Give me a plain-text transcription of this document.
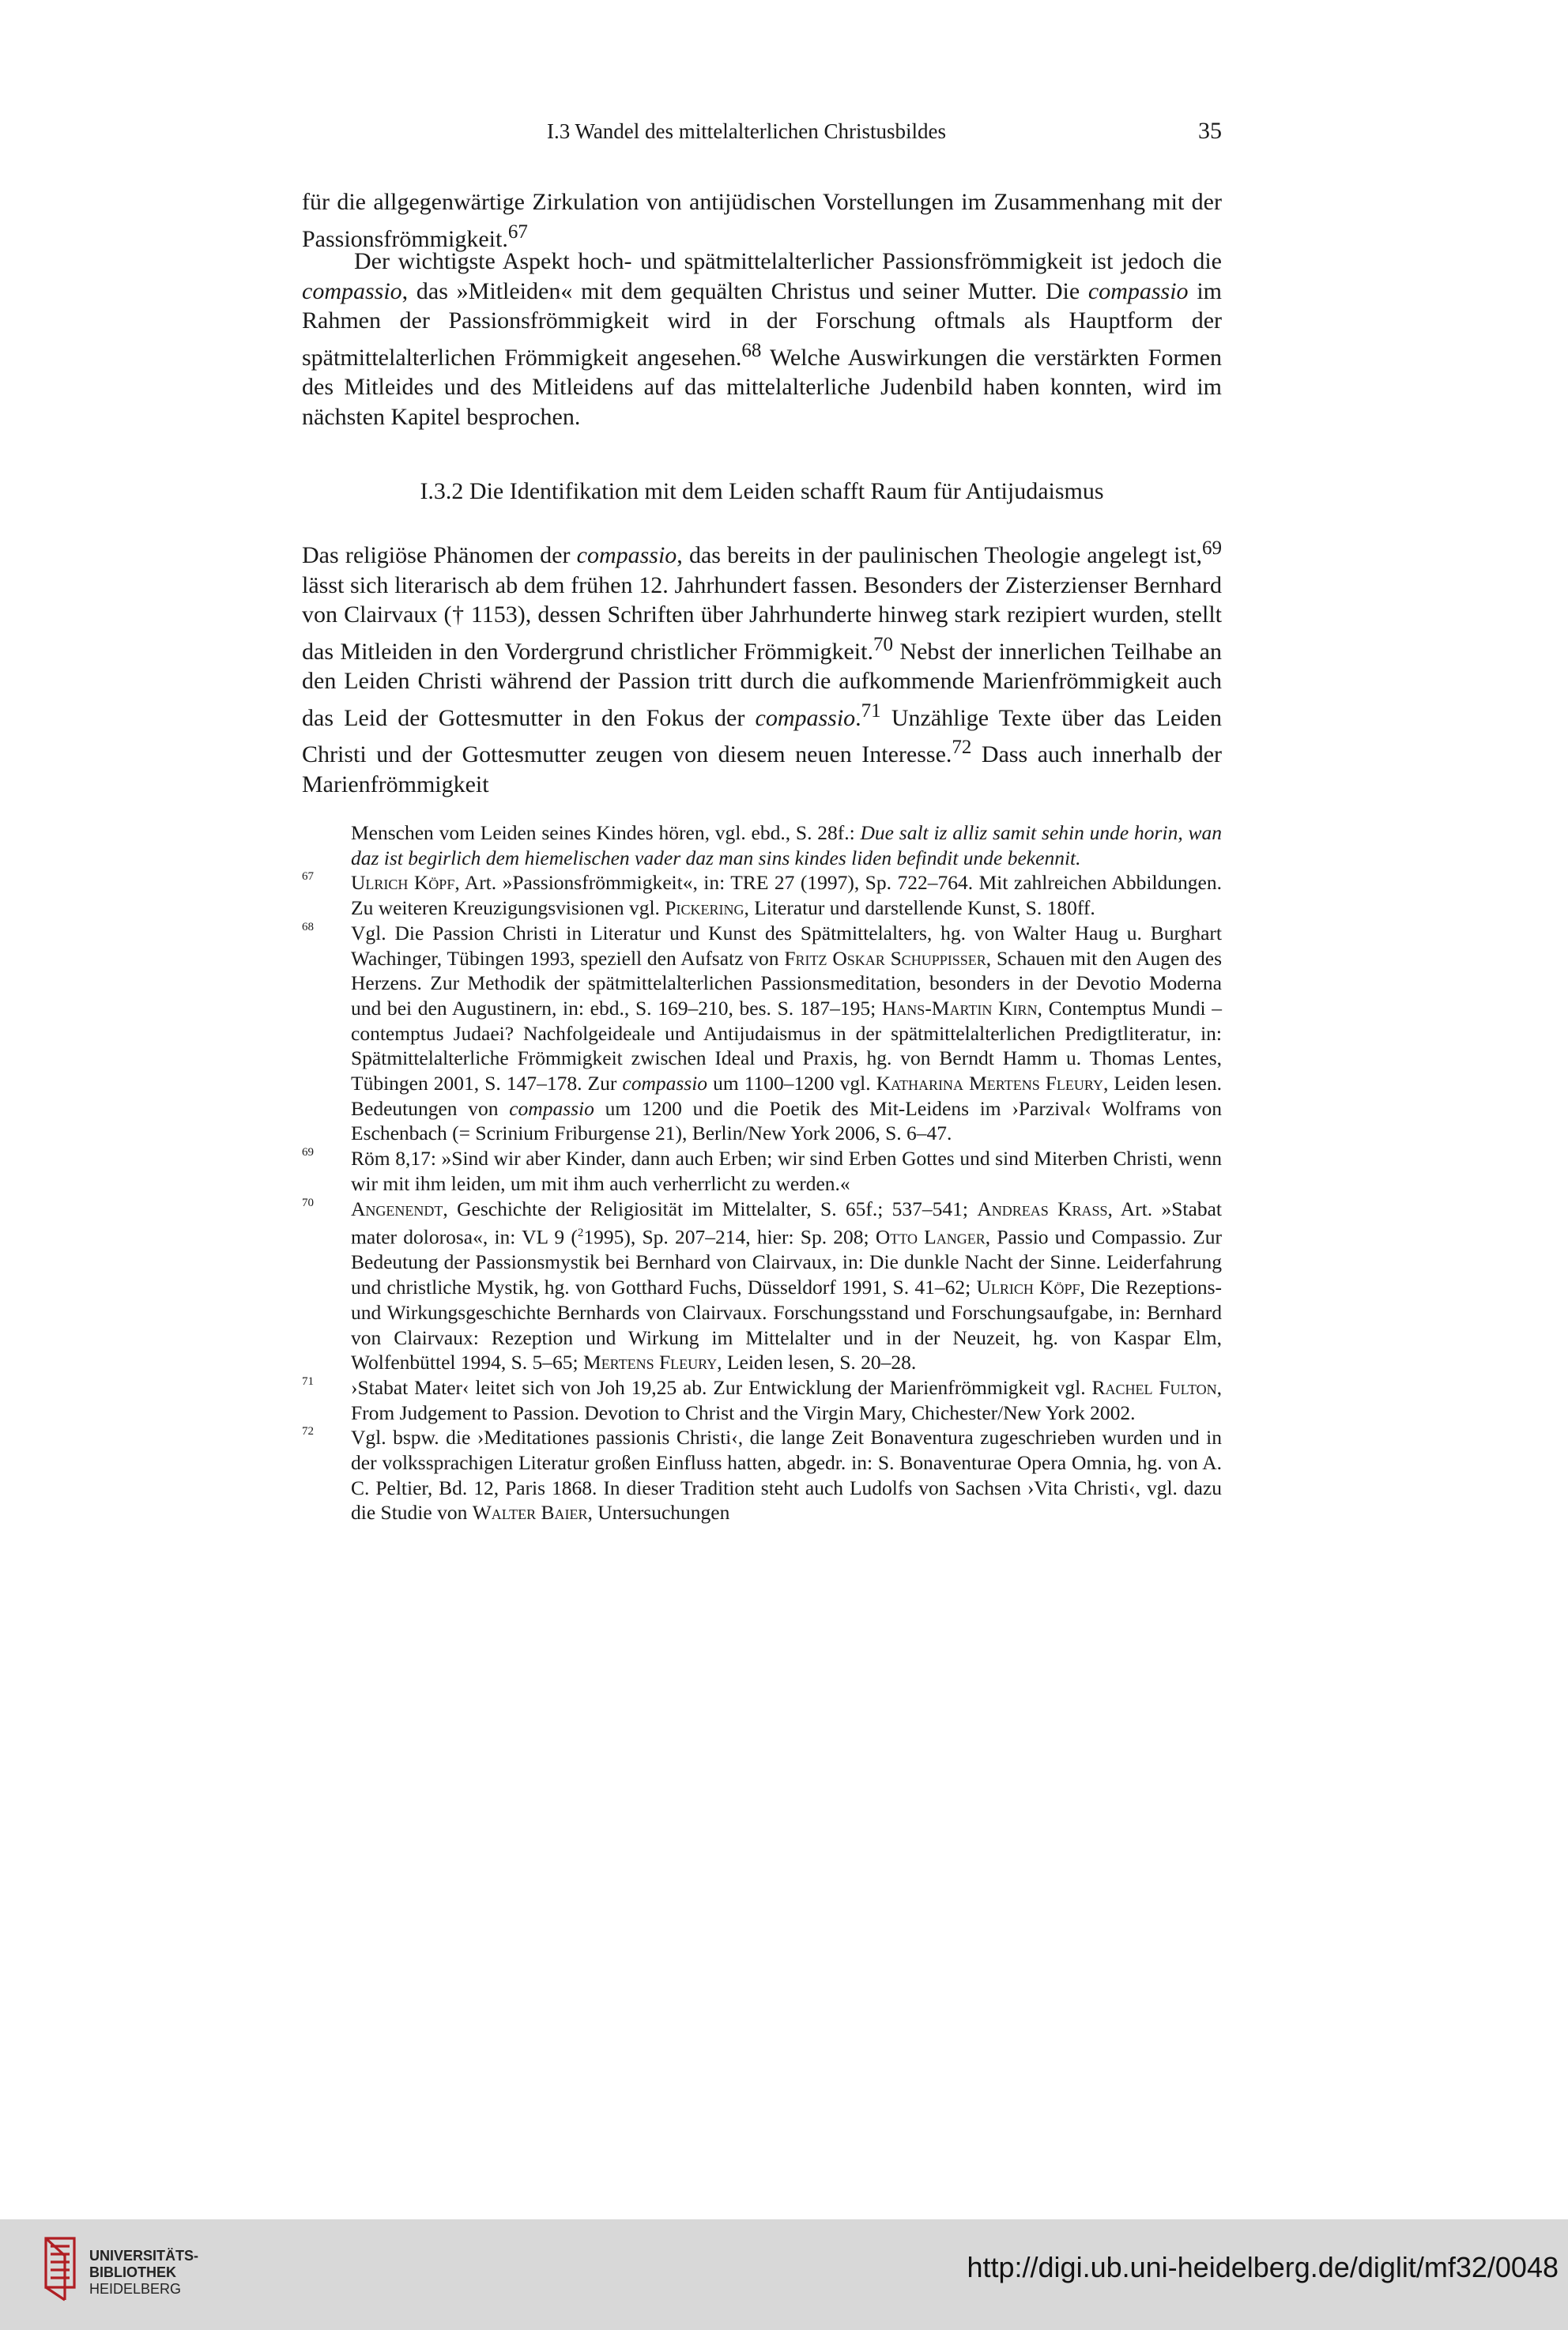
I.3 Wandel des mittelalterlichen Christusbildes	35

für die allgegenwärtige Zirkulation von antijüdischen Vorstellungen im Zusammenhang mit der Passionsfrömmigkeit.$^{67}$

Der wichtigste Aspekt hoch- und spätmittelalterlicher Passionsfrömmigkeit ist jedoch die compassio, das »Mitleiden« mit dem gequälten Christus und seiner Mutter. Die compassio im Rahmen der Passionsfrömmigkeit wird in der Forschung oftmals als Hauptform der spätmittelalterlichen Frömmigkeit angesehen.$^{68}$ Welche Auswirkungen die verstärkten Formen des Mitleides und des Mitleidens auf das mittelalterliche Judenbild haben konnten, wird im nächsten Kapitel besprochen.

I.3.2 Die Identifikation mit dem Leiden schafft Raum für Antijudaismus

Das religiöse Phänomen der compassio, das bereits in der paulinischen Theologie angelegt ist,$^{69}$ lässt sich literarisch ab dem frühen 12. Jahrhundert fassen. Besonders der Zisterzienser Bernhard von Clairvaux († 1153), dessen Schriften über Jahrhunderte hinweg stark rezipiert wurden, stellt das Mitleiden in den Vordergrund christlicher Frömmigkeit.$^{70}$ Nebst der innerlichen Teilhabe an den Leiden Christi während der Passion tritt durch die aufkommende Marienfrömmigkeit auch das Leid der Gottesmutter in den Fokus der compassio.$^{71}$ Unzählige Texte über das Leiden Christi und der Gottesmutter zeugen von diesem neuen Interesse.$^{72}$ Dass auch innerhalb der Marienfrömmigkeit

Menschen vom Leiden seines Kindes hören, vgl. ebd., S. 28f.: Due salt iz alliz samit sehin unde horin, wan daz ist begirlich dem hiemelischen vader daz man sins kindes liden befindit unde bekennit.
67 Ulrich Köpf, Art. »Passionsfrömmigkeit«, in: TRE 27 (1997), Sp. 722–764. Mit zahlreichen Abbildungen. Zu weiteren Kreuzigungsvisionen vgl. Pickering, Literatur und darstellende Kunst, S. 180ff.
68 Vgl. Die Passion Christi in Literatur und Kunst des Spätmittelalters, hg. von Walter Haug u. Burghart Wachinger, Tübingen 1993, speziell den Aufsatz von Fritz Oskar Schuppisser, Schauen mit den Augen des Herzens. Zur Methodik der spätmittelalterlichen Passionsmeditation, besonders in der Devotio Moderna und bei den Augustinern, in: ebd., S. 169–210, bes. S. 187–195; Hans-Martin Kirn, Contemptus Mundi – contemptus Judaei? Nachfolgeideale und Antijudaismus in der spätmittelalterlichen Predigtliteratur, in: Spätmittelalterliche Frömmigkeit zwischen Ideal und Praxis, hg. von Berndt Hamm u. Thomas Lentes, Tübingen 2001, S. 147–178. Zur compassio um 1100–1200 vgl. Katharina Mertens Fleury, Leiden lesen. Bedeutungen von compassio um 1200 und die Poetik des Mit-Leidens im ›Parzival‹ Wolframs von Eschenbach (= Scrinium Friburgense 21), Berlin/New York 2006, S. 6–47.
69 Röm 8,17: »Sind wir aber Kinder, dann auch Erben; wir sind Erben Gottes und sind Miterben Christi, wenn wir mit ihm leiden, um mit ihm auch verherrlicht zu werden.«
70 Angenendt, Geschichte der Religiosität im Mittelalter, S. 65f.; 537–541; Andreas Krass, Art. »Stabat mater dolorosa«, in: VL 9 ($^2$1995), Sp. 207–214, hier: Sp. 208; Otto Langer, Passio und Compassio. Zur Bedeutung der Passionsmystik bei Bernhard von Clairvaux, in: Die dunkle Nacht der Sinne. Leiderfahrung und christliche Mystik, hg. von Gotthard Fuchs, Düsseldorf 1991, S. 41–62; Ulrich Köpf, Die Rezeptions- und Wirkungsgeschichte Bernhards von Clairvaux. Forschungsstand und Forschungsaufgabe, in: Bernhard von Clairvaux: Rezeption und Wirkung im Mittelalter und in der Neuzeit, hg. von Kaspar Elm, Wolfenbüttel 1994, S. 5–65; Mertens Fleury, Leiden lesen, S. 20–28.
71 ›Stabat Mater‹ leitet sich von Joh 19,25 ab. Zur Entwicklung der Marienfrömmigkeit vgl. Rachel Fulton, From Judgement to Passion. Devotion to Christ and the Virgin Mary, Chichester/New York 2002.
72 Vgl. bspw. die ›Meditationes passionis Christi‹, die lange Zeit Bonaventura zugeschrieben wurden und in der volkssprachigen Literatur großen Einfluss hatten, abgedr. in: S. Bonaventurae Opera Omnia, hg. von A. C. Peltier, Bd. 12, Paris 1868. In dieser Tradition steht auch Ludolfs von Sachsen ›Vita Christi‹, vgl. dazu die Studie von Walter Baier, Untersuchungen
UNIVERSITÄTS-
BIBLIOTHEK
HEIDELBERG
http://digi.ub.uni-heidelberg.de/diglit/mf32/0048
